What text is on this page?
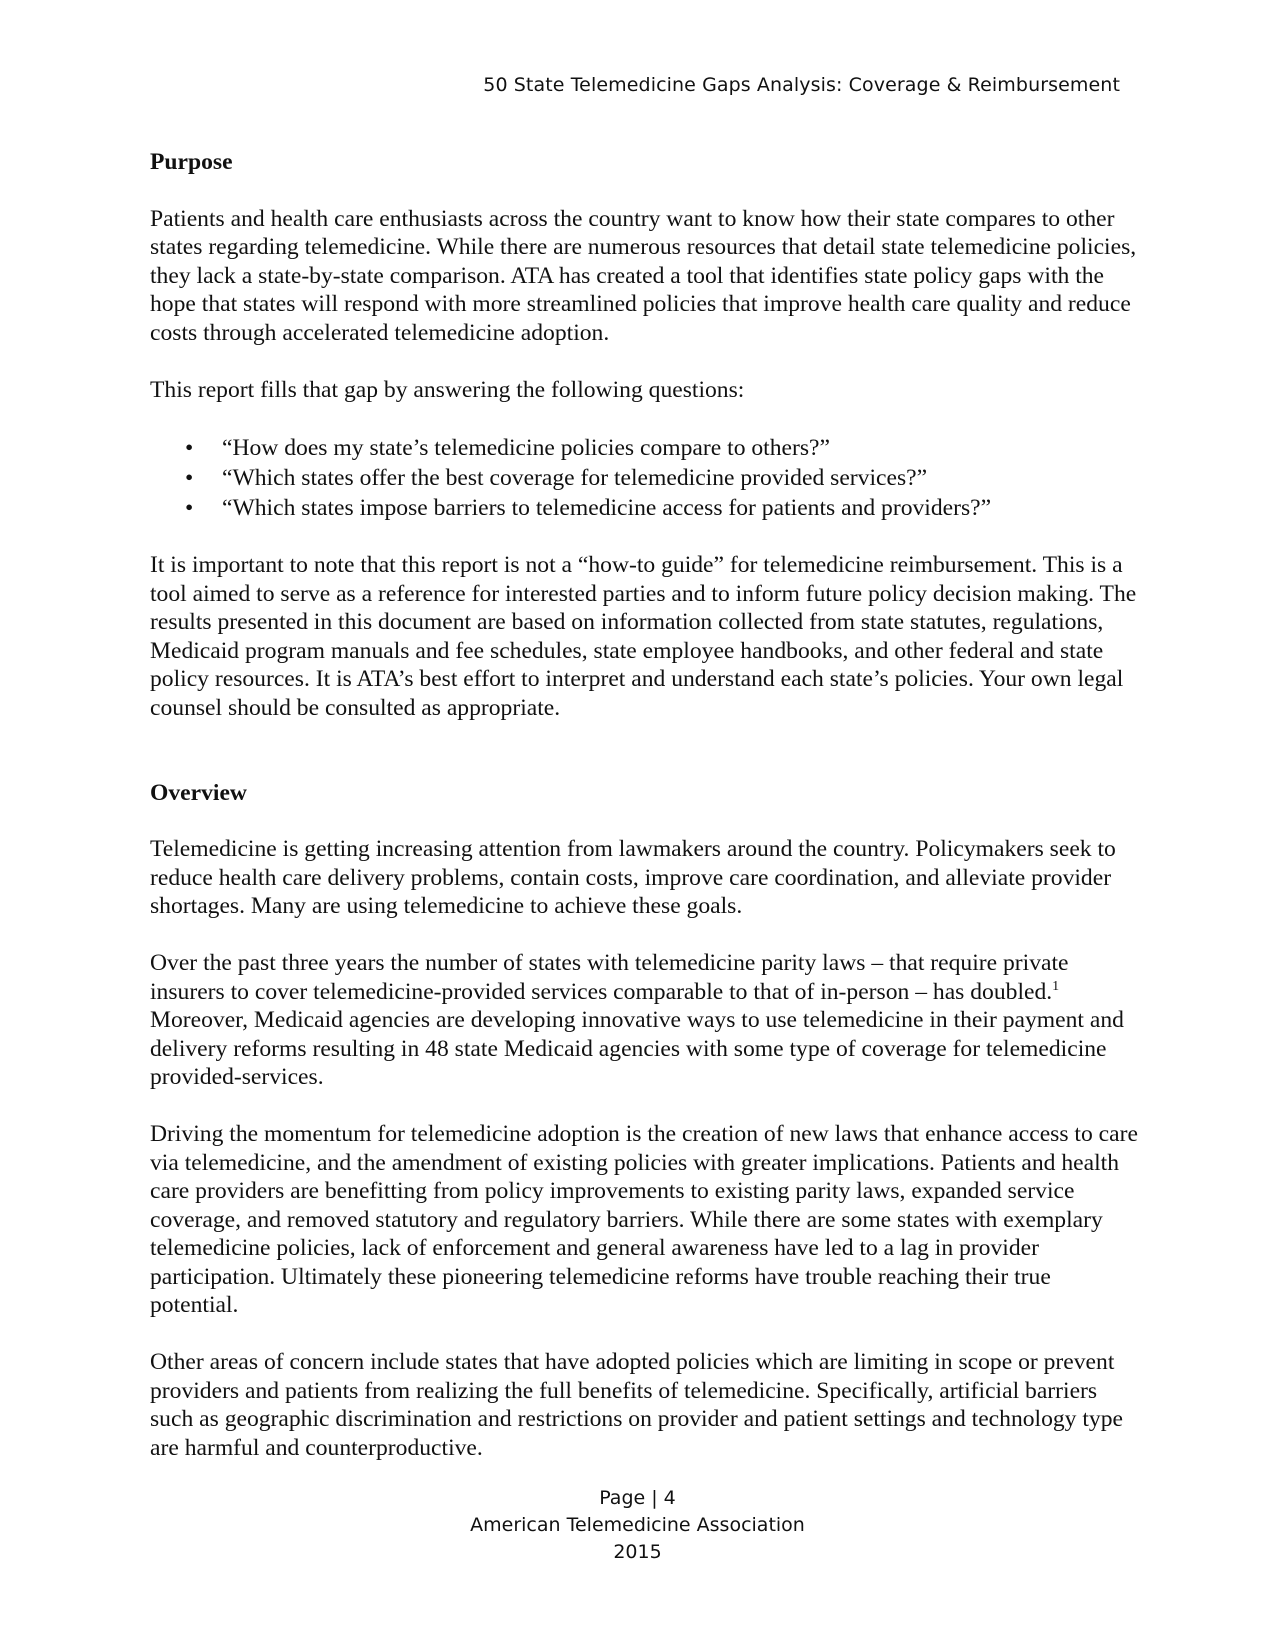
50 State Telemedicine Gaps Analysis: Coverage & Reimbursement
Purpose

Patients and health care enthusiasts across the country want to know how their state compares to other states regarding telemedicine. While there are numerous resources that detail state telemedicine policies, they lack a state-by-state comparison. ATA has created a tool that identifies state policy gaps with the hope that states will respond with more streamlined policies that improve health care quality and reduce costs through accelerated telemedicine adoption.

This report fills that gap by answering the following questions:

• “How does my state’s telemedicine policies compare to others?”
• “Which states offer the best coverage for telemedicine provided services?”
• “Which states impose barriers to telemedicine access for patients and providers?”

It is important to note that this report is not a “how-to guide” for telemedicine reimbursement. This is a tool aimed to serve as a reference for interested parties and to inform future policy decision making. The results presented in this document are based on information collected from state statutes, regulations, Medicaid program manuals and fee schedules, state employee handbooks, and other federal and state policy resources. It is ATA’s best effort to interpret and understand each state’s policies. Your own legal counsel should be consulted as appropriate.

Overview

Telemedicine is getting increasing attention from lawmakers around the country. Policymakers seek to reduce health care delivery problems, contain costs, improve care coordination, and alleviate provider shortages. Many are using telemedicine to achieve these goals.

Over the past three years the number of states with telemedicine parity laws – that require private insurers to cover telemedicine-provided services comparable to that of in-person – has doubled.$^1$ Moreover, Medicaid agencies are developing innovative ways to use telemedicine in their payment and delivery reforms resulting in 48 state Medicaid agencies with some type of coverage for telemedicine provided-services.

Driving the momentum for telemedicine adoption is the creation of new laws that enhance access to care via telemedicine, and the amendment of existing policies with greater implications. Patients and health care providers are benefitting from policy improvements to existing parity laws, expanded service coverage, and removed statutory and regulatory barriers. While there are some states with exemplary telemedicine policies, lack of enforcement and general awareness have led to a lag in provider participation. Ultimately these pioneering telemedicine reforms have trouble reaching their true potential.

Other areas of concern include states that have adopted policies which are limiting in scope or prevent providers and patients from realizing the full benefits of telemedicine. Specifically, artificial barriers such as geographic discrimination and restrictions on provider and patient settings and technology type are harmful and counterproductive.

Page | 4
American Telemedicine Association
2015
